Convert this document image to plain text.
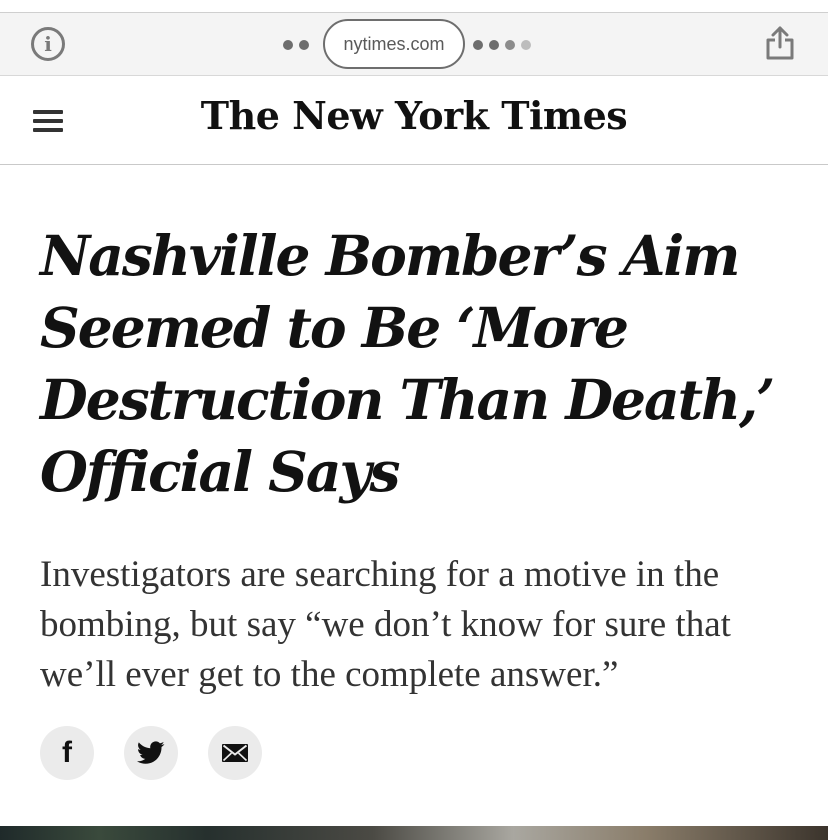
i	nytimes.com
The New York Times
Nashville Bomber’s Aim Seemed to Be ‘More Destruction Than Death,’ Official Says

Investigators are searching for a motive in the bombing, but say “we don’t know for sure that we’ll ever get to the complete answer.”

f
